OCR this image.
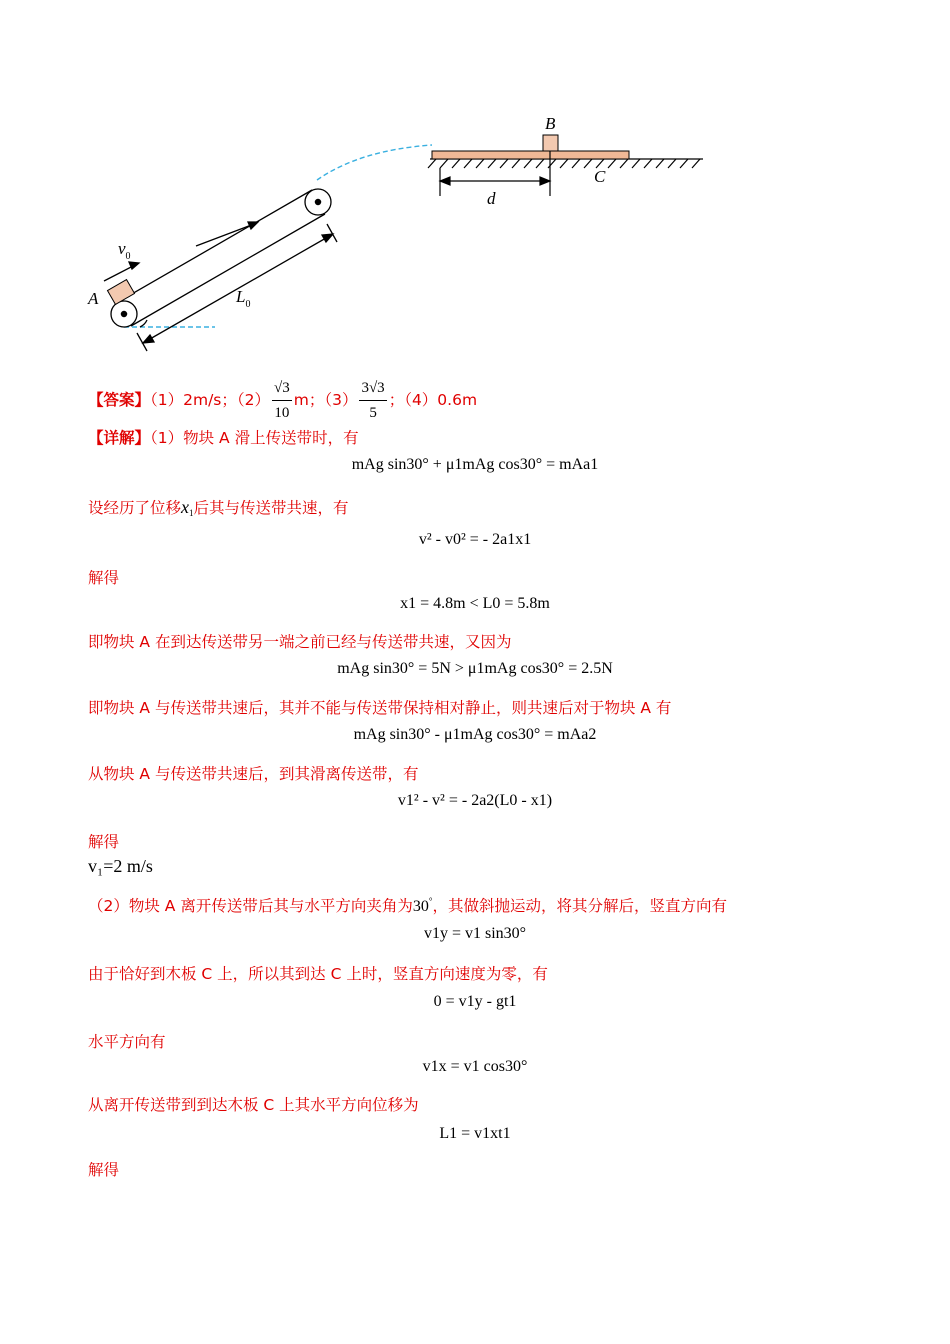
B
C
d
$v_0$
A	$L_0$
【答案】（1）2m/s；$(2) \frac{√3}{10}$ m；$(3) \frac{3√3}{5}$ ；（4）0.6m
【详解】（1）物块 A 滑上传送带时，有
mAg sin30° + μ1mAg cos30° = mAa1
设经历了位移$x_1$后其与传送带共速，有
v² - v0² = - 2a1x1
解得
x1 = 4.8m < L0 = 5.8m
即物块 A 在到达传送带另一端之前已经与传送带共速，又因为
mAg sin30° = 5N > μ1mAg cos30° = 2.5N
即物块 A 与传送带共速后，其并不能与传送带保持相对静止，则共速后对于物块 A 有
mAg sin30° - μ1mAg cos30° = mAa2
从物块 A 与传送带共速后，到其滑离传送带，有
v1² - v² = - 2a2(L0 - x1)
解得
v₁=2 m/s
（2）物块 A 离开传送带后其与水平方向夹角为30°，其做斜抛运动，将其分解后，竖直方向有
v1y = v1 sin30°
由于恰好到木板 C 上，所以其到达 C 上时，竖直方向速度为零，有
0 = v1y - gt1
水平方向有
v1x = v1 cos30°
从离开传送带到到达木板 C 上其水平方向位移为
L1 = v1xt1
解得
